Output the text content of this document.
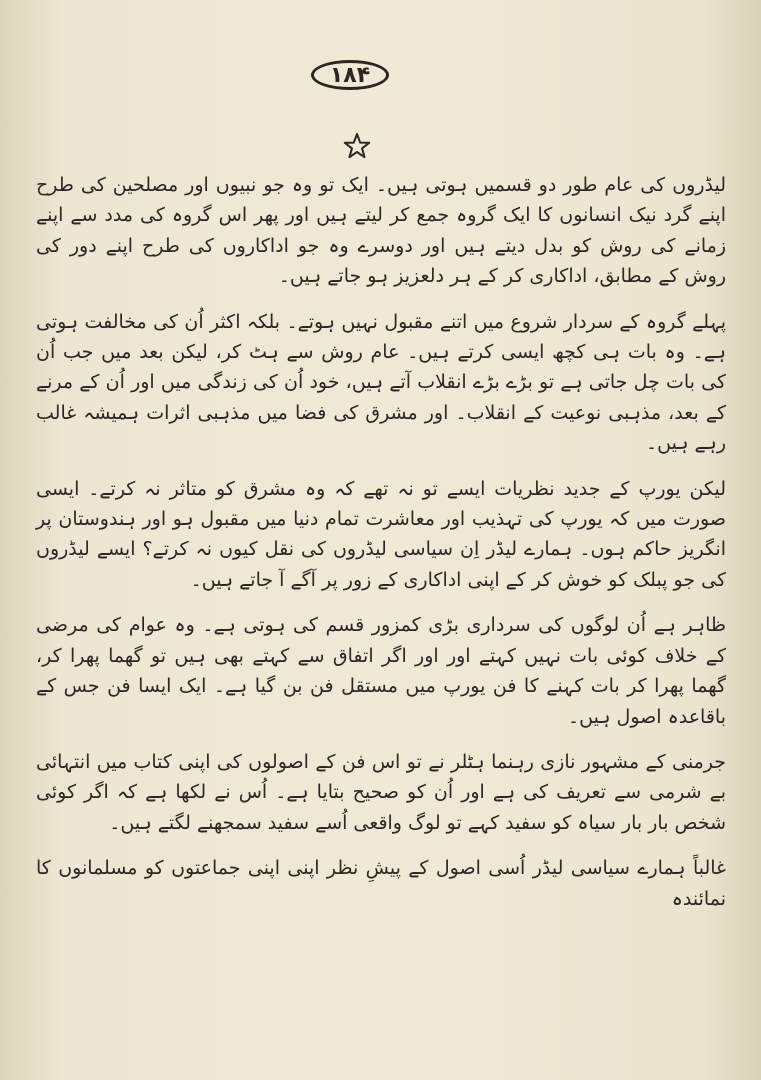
۱۸۴

لیڈروں کی عام طور دو قسمیں ہوتی ہیں۔ ایک تو وہ جو نبیوں اور مصلحین کی طرح اپنے گرد نیک انسانوں کا ایک گروہ جمع کر لیتے ہیں اور پھر اس گروہ کی مدد سے اپنے زمانے کی روش کو بدل دیتے ہیں اور دوسرے وہ جو اداکاروں کی طرح اپنے دور کی روش کے مطابق، اداکاری کر کے ہر دلعزیز ہو جاتے ہیں۔

پہلے گروہ کے سردار شروع میں اتنے مقبول نہیں ہوتے۔ بلکہ اکثر اُن کی مخالفت ہوتی ہے۔ وہ بات ہی کچھ ایسی کرتے ہیں۔ عام روش سے ہٹ کر، لیکن بعد میں جب اُن کی بات چل جاتی ہے تو بڑے بڑے انقلاب آتے ہیں، خود اُن کی زندگی میں اور اُن کے مرنے کے بعد، مذہبی نوعیت کے انقلاب۔ اور مشرق کی فضا میں مذہبی اثرات ہمیشہ غالب رہے ہیں۔

لیکن یورپ کے جدید نظریات ایسے تو نہ تھے کہ وہ مشرق کو متاثر نہ کرتے۔ ایسی صورت میں کہ یورپ کی تہذیب اور معاشرت تمام دنیا میں مقبول ہو اور ہندوستان پر انگریز حاکم ہوں۔ ہمارے لیڈر اِن سیاسی لیڈروں کی نقل کیوں نہ کرتے؟ ایسے لیڈروں کی جو پبلک کو خوش کر کے اپنی اداکاری کے زور پر آگے آ جاتے ہیں۔

ظاہر ہے اُن لوگوں کی سرداری بڑی کمزور قسم کی ہوتی ہے۔ وہ عوام کی مرضی کے خلاف کوئی بات نہیں کہتے اور اور اگر اتفاق سے کہتے بھی ہیں تو گھما پھرا کر، گھما پھرا کر بات کہنے کا فن یورپ میں مستقل فن بن گیا ہے۔ ایک ایسا فن جس کے باقاعدہ اصول ہیں۔

جرمنی کے مشہور نازی رہنما ہٹلر نے تو اس فن کے اصولوں کی اپنی کتاب میں انتہائی بے شرمی سے تعریف کی ہے اور اُن کو صحیح بتایا ہے۔ اُس نے لکھا ہے کہ اگر کوئی شخص بار بار سیاہ کو سفید کہے تو لوگ واقعی اُسے سفید سمجھنے لگتے ہیں۔

غالباً ہمارے سیاسی لیڈر اُسی اصول کے پیشِ نظر اپنی اپنی جماعتوں کو مسلمانوں کا نمائندہ
